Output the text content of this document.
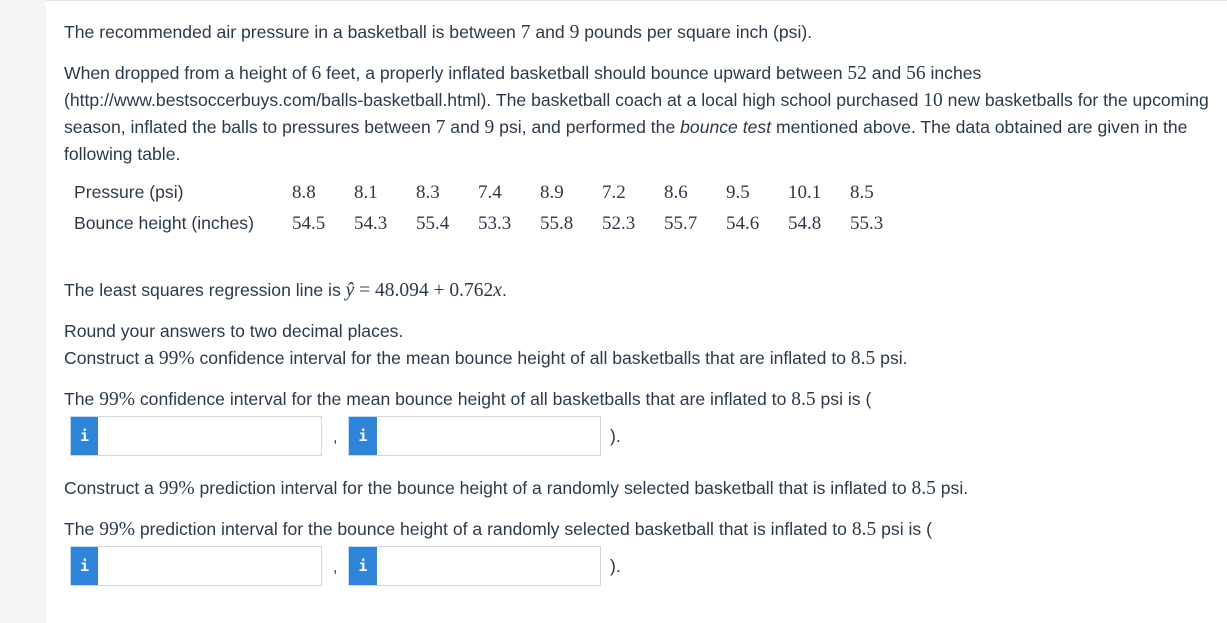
The recommended air pressure in a basketball is between 7 and 9 pounds per square inch (psi).

When dropped from a height of 6 feet, a properly inflated basketball should bounce upward between 52 and 56 inches (http://www.bestsoccerbuys.com/balls-basketball.html). The basketball coach at a local high school purchased 10 new basketballs for the upcoming season, inflated the balls to pressures between 7 and 9 psi, and performed the bounce test mentioned above. The data obtained are given in the following table.

Pressure (psi)	8.8	8.1	8.3	7.4	8.9	7.2	8.6	9.5	10.1	8.5
Bounce height (inches)	54.5	54.3	55.4	53.3	55.8	52.3	55.7	54.6	54.8	55.3

The least squares regression line is ŷ = 48.094 + 0.762x.

Round your answers to two decimal places.

Construct a 99% confidence interval for the mean bounce height of all basketballs that are inflated to 8.5 psi.

The 99% confidence interval for the mean bounce height of all basketballs that are inflated to 8.5 psi is (

i	,	i	).

Construct a 99% prediction interval for the bounce height of a randomly selected basketball that is inflated to 8.5 psi.

The 99% prediction interval for the bounce height of a randomly selected basketball that is inflated to 8.5 psi is (

i	,	i	).
